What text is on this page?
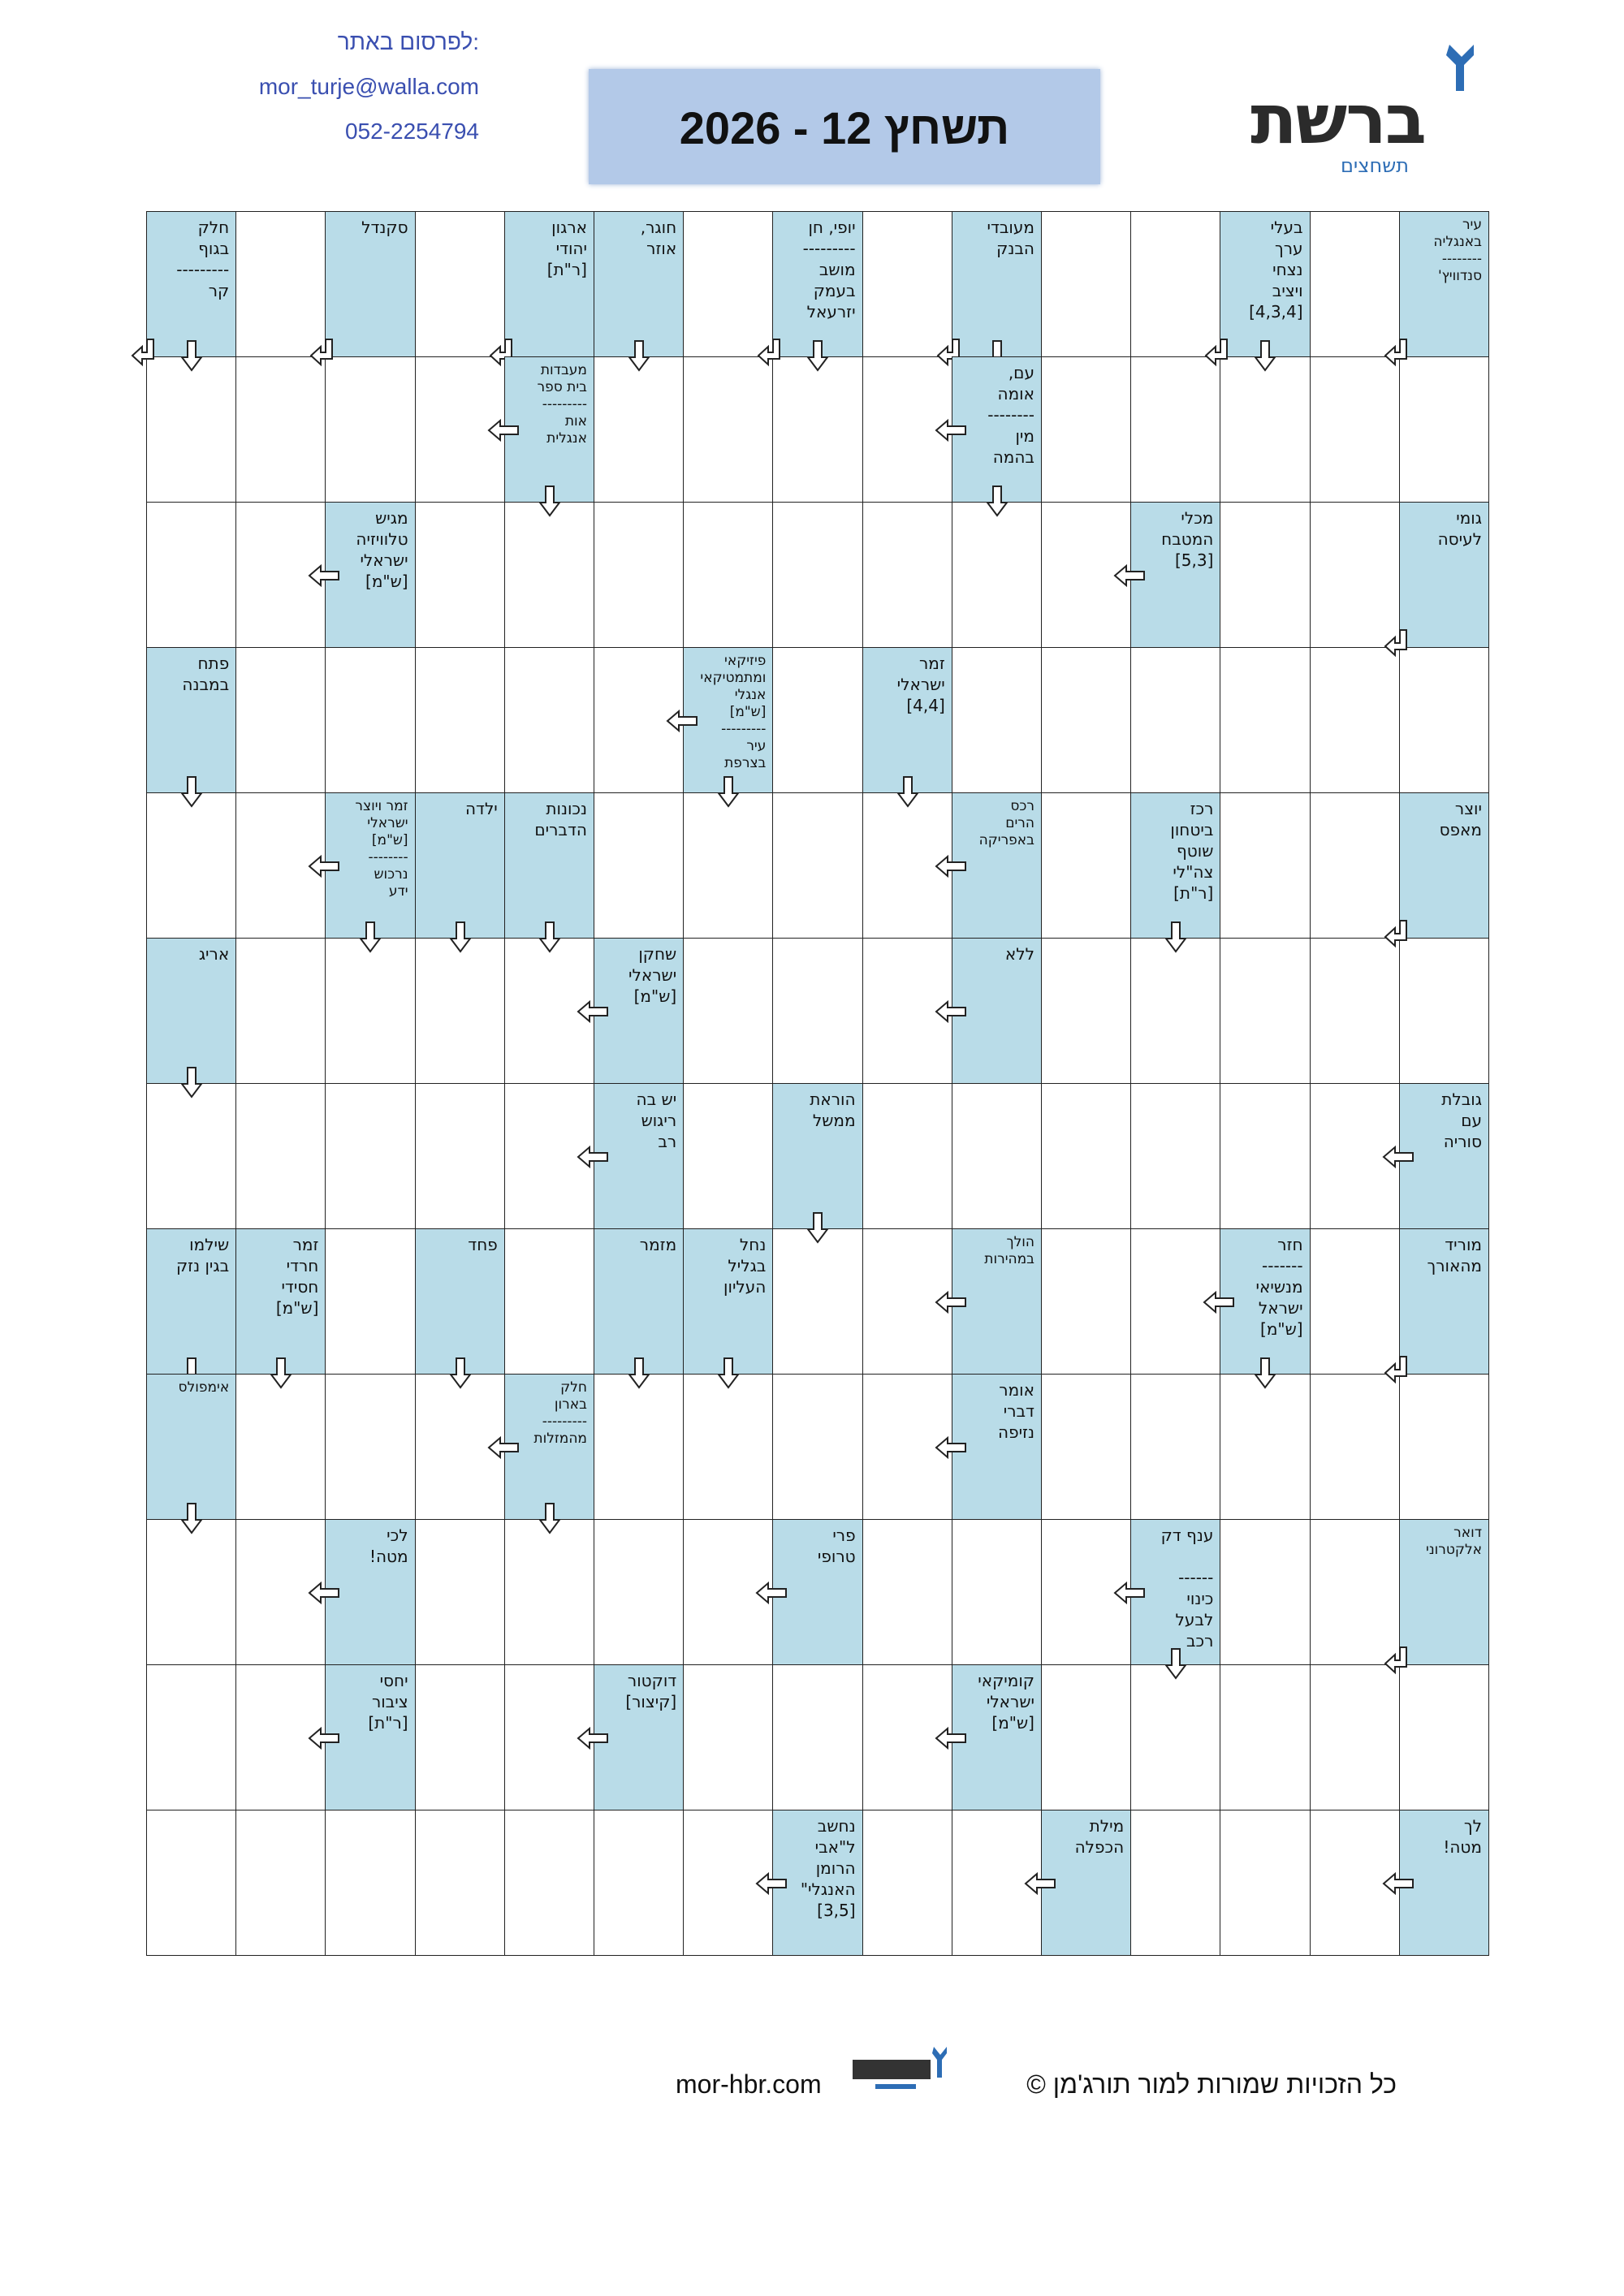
לפרסום באתר:
mor_turje@walla.com
052-2254794	תשחץ 12 - 2026	ברשת
תשחצים
עיר
באנגליה
--------
סנדוויץ'
בעלי
ערך
נצחי
ויציב
[4,3,4]
מעובדי
הבנק
יופי, חן
---------
מושב
בעמק
יזרעאל
חוגר,
אוזר
ארגון
יהודי
[ר"ת]
סקנדל
חלק
בגוף
---------
קר
עם,
אומה
--------
מין
בהמה
מעבדות
בית ספר
---------
אות
אנגלית
גומי
לעיסה
מכלי
המטבח
[5,3]
מגיש
טלוויזיה
ישראלי
[ש"מ]
זמר
ישראלי
[4,4]
פיזיקאי
ומתמטיקאי
אנגלי
[ש"מ]
---------
עיר
בצרפת
פתח
במבנה
יוצר
מאפס
רכז
ביטחון
שוטף
צה"לי
[ר"ת]
רכס
הרים
באפריקה
נכונות
הדברים
ילדה
זמר ויוצר
ישראלי
[ש"מ]
--------
נרכוש
ידע
ללא
שחקן
ישראלי
[ש"מ]
אריג
גובלת
עם
סוריה
הוראת
ממשל
יש בה
ריגוש
רב
מוריד
מהאורך
חזר
-------
מנשיאי
ישראל
[ש"מ]
הולך
במהירות
נחל
בגליל
העליון
מזמר
פחד
זמר
חרדי
חסידי
[ש"מ]
שילמו
בגין נזק
אומר
דברי
נזיפה
חלק
בארון
---------
מהמזלות
אימפולס
דואר
אלקטרוני
ענף דק

------
כינוי
לבעל
רכב
פרי
טרופי
לכי
מטה!
קומיקאי
ישראלי
[ש"מ]
דוקטור
[קיצור]
יחסי
ציבור
[ר"ת]
לך
מטה!
מילת
הכפלה
נחשב
ל"אבי
הרומן
האנגלי"
[3,5]
mor-hbr.com	כל הזכויות שמורות למור תורג'מן ©
